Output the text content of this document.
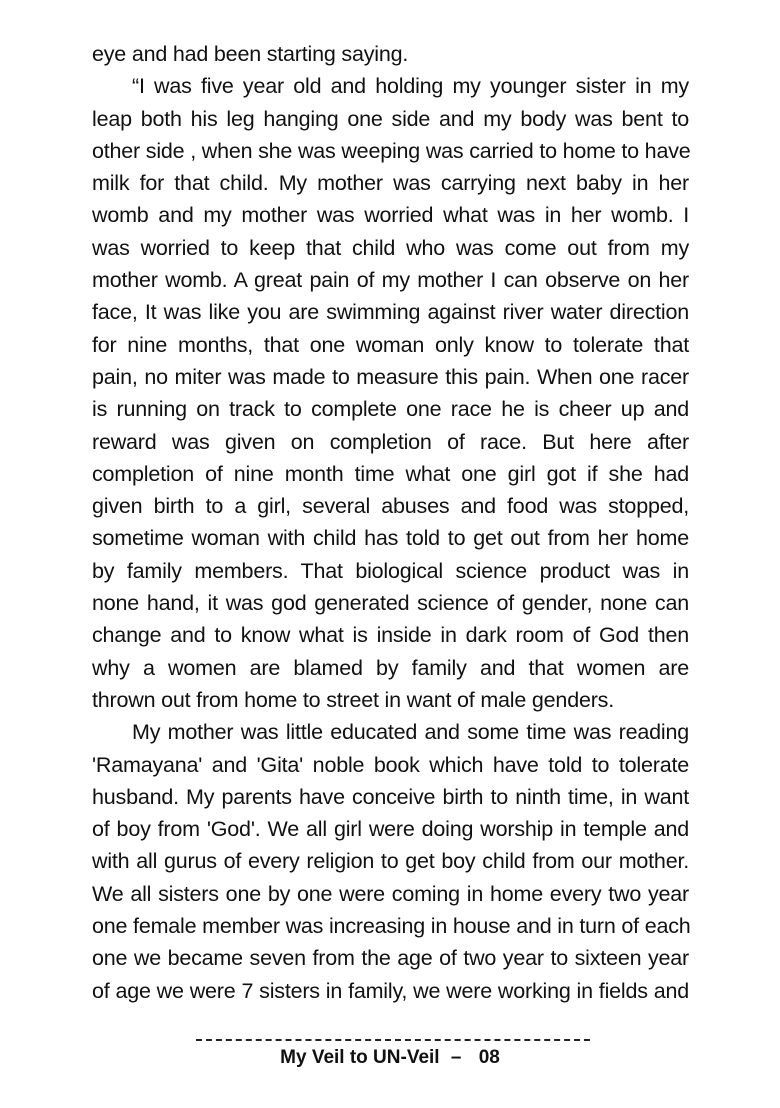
eye and had been starting saying.
“I was five year old and holding my younger sister in my
leap both his leg hanging one side and my body was bent to
other side , when she was weeping was carried to home to have
milk for that child. My mother was carrying next baby in her
womb and my mother was worried what was in her womb. I
was worried to keep that child who was come out from my
mother womb. A great pain of my mother I can observe on her
face, It was like you are swimming against river water direction
for nine months, that one woman only know to tolerate that
pain, no miter was made to measure this pain. When one racer
is running on track to complete one race he is cheer up and
reward was given on completion of race. But here after
completion of nine month time what one girl got if she had
given birth to a girl, several abuses and food was stopped,
sometime woman with child has told to get out from her home
by family members. That biological science product was in
none hand, it was god generated science of gender, none can
change and to know what is inside in dark room of God then
why a women are blamed by family and that women are
thrown out from home to street in want of male genders.
My mother was little educated and some time was reading
'Ramayana' and 'Gita' noble book which have told to tolerate
husband. My parents have conceive birth to ninth time, in want
of boy from 'God'. We all girl were doing worship in temple and
with all gurus of every religion to get boy child from our mother.
We all sisters one by one were coming in home every two year
one female member was increasing in house and in turn of each
one we became seven from the age of two year to sixteen year
of age we were 7 sisters in family, we were working in fields and
My Veil to UN-Veil – 08
